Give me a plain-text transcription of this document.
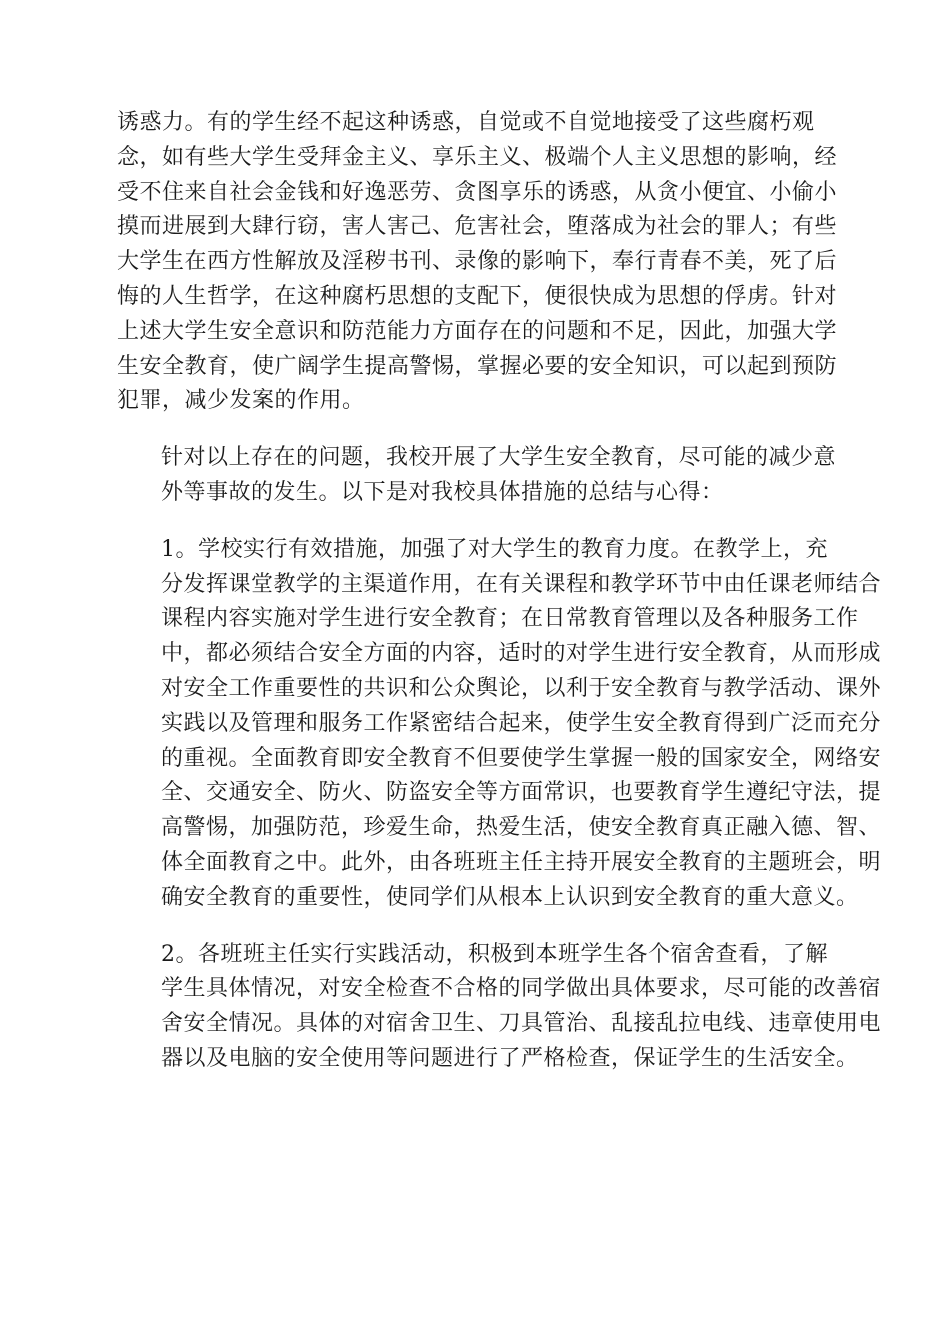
诱惑力。有的学生经不起这种诱惑，自觉或不自觉地接受了这些腐朽观
念，如有些大学生受拜金主义、享乐主义、极端个人主义思想的影响，经
受不住来自社会金钱和好逸恶劳、贪图享乐的诱惑，从贪小便宜、小偷小
摸而进展到大肆行窃，害人害己、危害社会，堕落成为社会的罪人；有些
大学生在西方性解放及淫秽书刊、录像的影响下，奉行青春不美，死了后
悔的人生哲学，在这种腐朽思想的支配下，便很快成为思想的俘虏。针对
上述大学生安全意识和防范能力方面存在的问题和不足，因此，加强大学
生安全教育，使广阔学生提高警惕，掌握必要的安全知识，可以起到预防
犯罪，减少发案的作用。

针对以上存在的问题，我校开展了大学生安全教育，尽可能的减少意
外等事故的发生。以下是对我校具体措施的总结与心得：

1。学校实行有效措施，加强了对大学生的教育力度。在教学上，充
分发挥课堂教学的主渠道作用，在有关课程和教学环节中由任课老师结合
课程内容实施对学生进行安全教育；在日常教育管理以及各种服务工作
中，都必须结合安全方面的内容，适时的对学生进行安全教育，从而形成
对安全工作重要性的共识和公众舆论，以利于安全教育与教学活动、课外
实践以及管理和服务工作紧密结合起来，使学生安全教育得到广泛而充分
的重视。全面教育即安全教育不但要使学生掌握一般的国家安全，网络安
全、交通安全、防火、防盗安全等方面常识，也要教育学生遵纪守法，提
高警惕，加强防范，珍爱生命，热爱生活，使安全教育真正融入德、智、
体全面教育之中。此外，由各班班主任主持开展安全教育的主题班会，明
确安全教育的重要性，使同学们从根本上认识到安全教育的重大意义。

2。各班班主任实行实践活动，积极到本班学生各个宿舍查看，了解
学生具体情况，对安全检查不合格的同学做出具体要求，尽可能的改善宿
舍安全情况。具体的对宿舍卫生、刀具管治、乱接乱拉电线、违章使用电
器以及电脑的安全使用等问题进行了严格检查，保证学生的生活安全。
